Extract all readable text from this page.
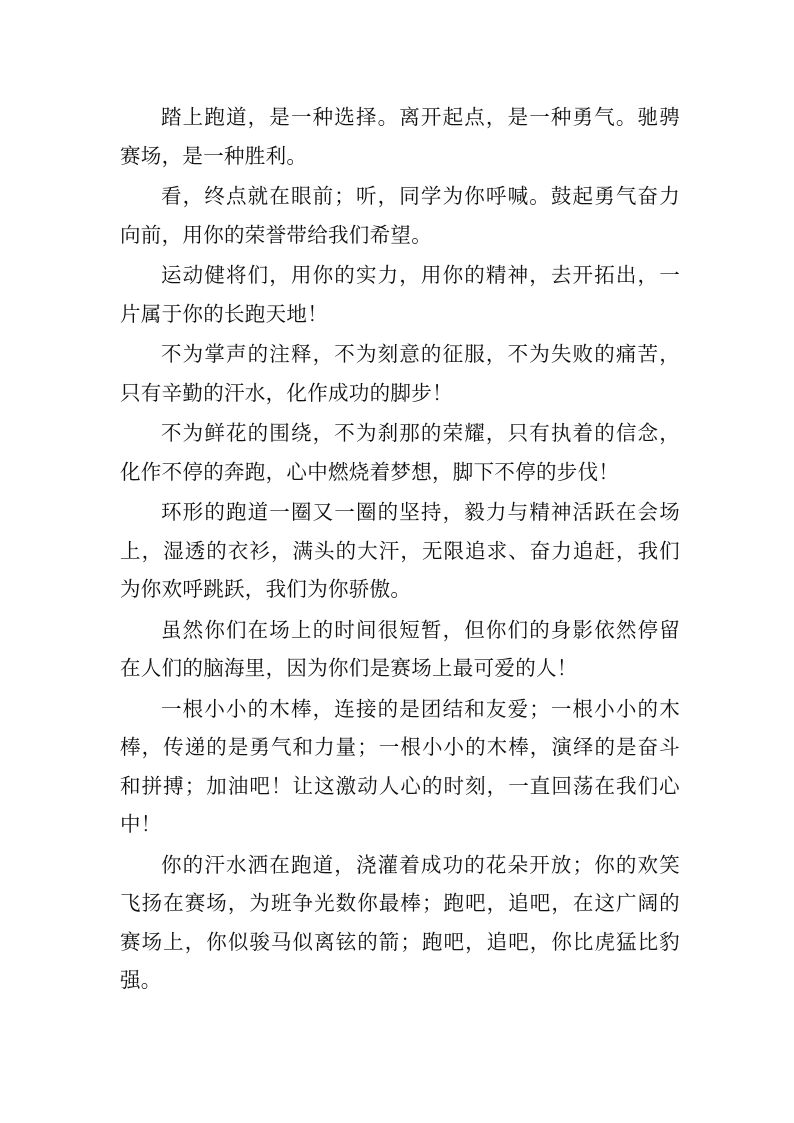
踏上跑道，是一种选择。离开起点，是一种勇气。驰骋赛场，是一种胜利。

看，终点就在眼前；听，同学为你呼喊。鼓起勇气奋力向前，用你的荣誉带给我们希望。

运动健将们，用你的实力，用你的精神，去开拓出，一片属于你的长跑天地！

不为掌声的注释，不为刻意的征服，不为失败的痛苦，只有辛勤的汗水，化作成功的脚步！

不为鲜花的围绕，不为刹那的荣耀，只有执着的信念，化作不停的奔跑，心中燃烧着梦想，脚下不停的步伐！

环形的跑道一圈又一圈的坚持，毅力与精神活跃在会场上，湿透的衣衫，满头的大汗，无限追求、奋力追赶，我们为你欢呼跳跃，我们为你骄傲。

虽然你们在场上的时间很短暂，但你们的身影依然停留在人们的脑海里，因为你们是赛场上最可爱的人！

一根小小的木棒，连接的是团结和友爱；一根小小的木棒，传递的是勇气和力量；一根小小的木棒，演绎的是奋斗和拼搏；加油吧！让这激动人心的时刻，一直回荡在我们心中！

你的汗水洒在跑道，浇灌着成功的花朵开放；你的欢笑飞扬在赛场，为班争光数你最棒；跑吧，追吧，在这广阔的赛场上，你似骏马似离铉的箭；跑吧，追吧，你比虎猛比豹强。
